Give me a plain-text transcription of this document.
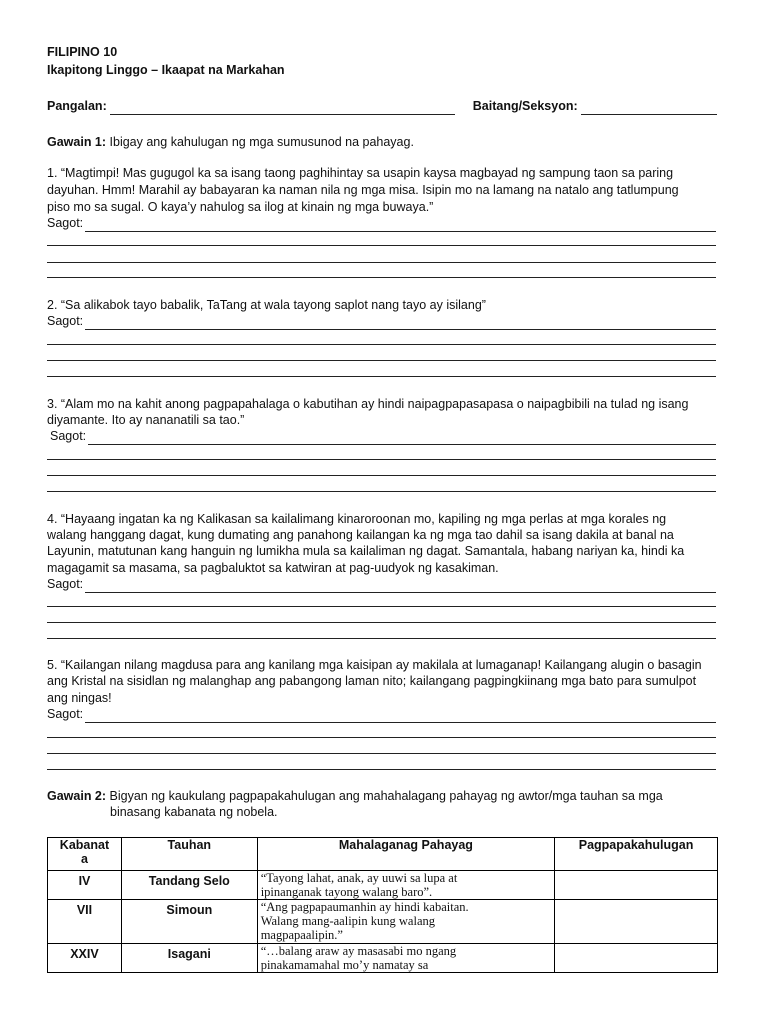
FILIPINO 10
Ikapitong Linggo – Ikaapat na Markahan
Pangalan:	Baitang/Seksyon:
Gawain 1: Ibigay ang kahulugan ng mga sumusunod na pahayag.
1. “Magtimpi! Mas gugugol ka sa isang taong paghihintay sa usapin kaysa magbayad ng sampung taon sa paring
dayuhan. Hmm! Marahil ay babayaran ka naman nila ng mga misa. Isipin mo na lamang na natalo ang tatlumpung
piso mo sa sugal. O kaya’y nahulog sa ilog at kinain ng mga buwaya.”
Sagot:
2. “Sa alikabok tayo babalik, TaTang at wala tayong saplot nang tayo ay isilang”
Sagot:
3. “Alam mo na kahit anong pagpapahalaga o kabutihan ay hindi naipagpapasapasa o naipagbibili na tulad ng isang
diyamante. Ito ay nananatili sa tao.”
Sagot:
4. “Hayaang ingatan ka ng Kalikasan sa kailalimang kinaroroonan mo, kapiling ng mga perlas at mga korales ng
walang hanggang dagat, kung dumating ang panahong kailangan ka ng mga tao dahil sa isang dakila at banal na
Layunin, matutunan kang hanguin ng lumikha mula sa kailaliman ng dagat. Samantala, habang nariyan ka, hindi ka
magagamit sa masama, sa pagbaluktot sa katwiran at pag-uudyok ng kasakiman.
Sagot:
5. “Kailangan nilang magdusa para ang kanilang mga kaisipan ay makilala at lumaganap! Kailangang alugin o basagin
ang Kristal na sisidlan ng malanghap ang pabangong laman nito; kailangang pagpingkiinang mga bato para sumulpot
ang ningas!
Sagot:
Gawain 2: Bigyan ng kaukulang pagpapakahulugan ang mahahalagang pahayag ng awtor/mga tauhan sa mga
binasang kabanata ng nobela.
Kabanat
a	Tauhan	Mahalaganag Pahayag	Pagpapakahulugan
IV	Tandang Selo	“Tayong lahat, anak, ay uuwi sa lupa at
ipinanganak tayong walang baro”.	

VII	Simoun	“Ang pagpapaumanhin ay hindi kabaitan.
Walang mang-aalipin kung walang
magpapaalipin.”	

XXIV	Isagani	“…balang araw ay masasabi mo ngang
pinakamamahal mo’y namatay sa	
